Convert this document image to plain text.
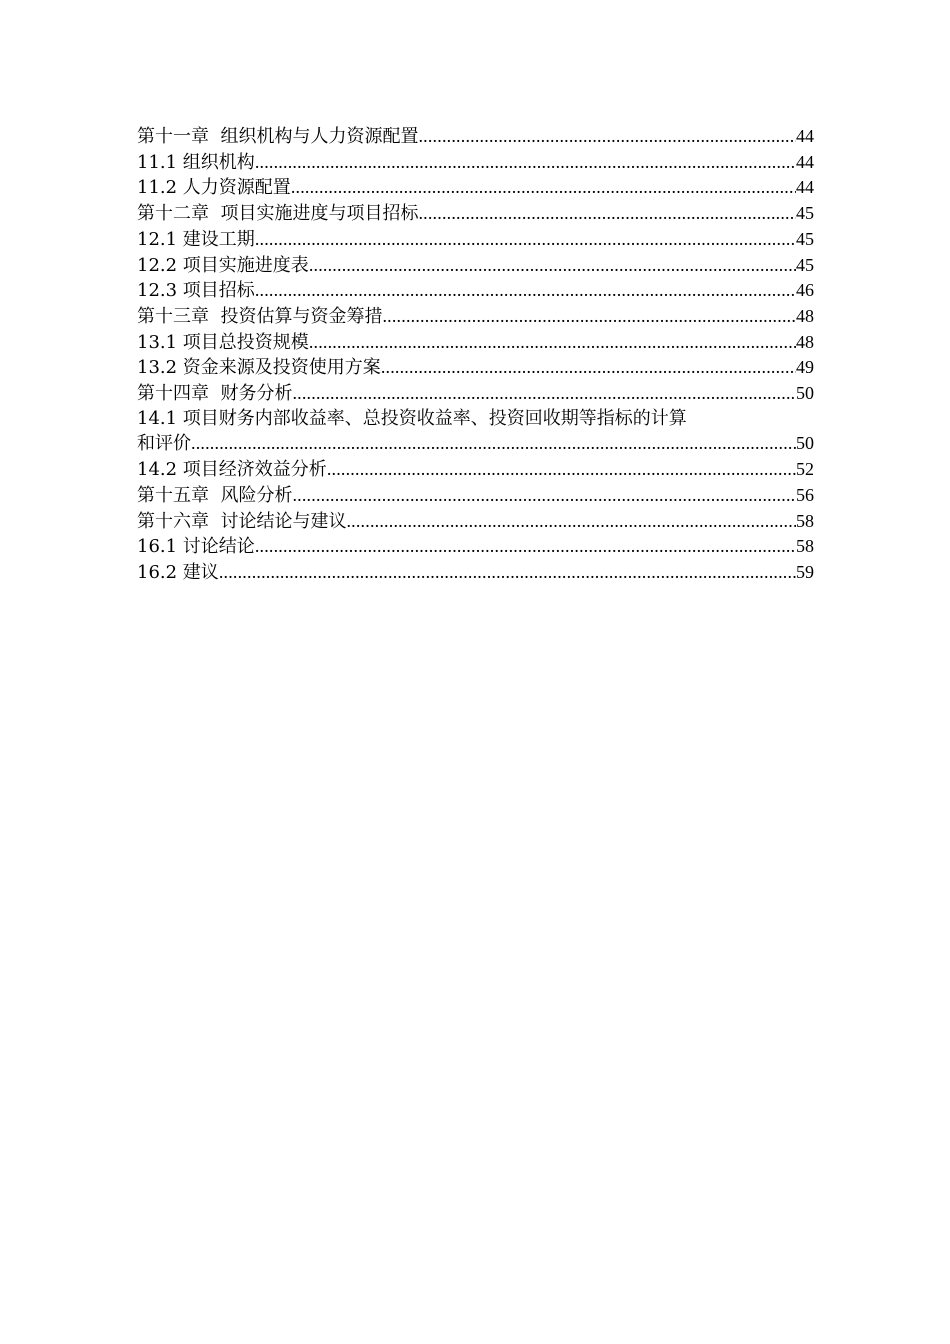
第十一章  组织机构与人力资源配置 .....	44
11.1 组织机构 .....	44
11.2 人力资源配置 .....	44
第十二章  项目实施进度与项目招标 .....	45
12.1 建设工期 .....	45
12.2 项目实施进度表 .....	45
12.3 项目招标 .....	46
第十三章  投资估算与资金筹措 .....	48
13.1 项目总投资规模 .....	48
13.2 资金来源及投资使用方案 .....	49
第十四章  财务分析 .....	50
14.1 项目财务内部收益率、总投资收益率、投资回收期等指标的计算
和评价 .....	50
14.2 项目经济效益分析 .....	52
第十五章  风险分析 .....	56
第十六章  讨论结论与建议 .....	58
16.1 讨论结论 .....	58
16.2 建议 .....	59
